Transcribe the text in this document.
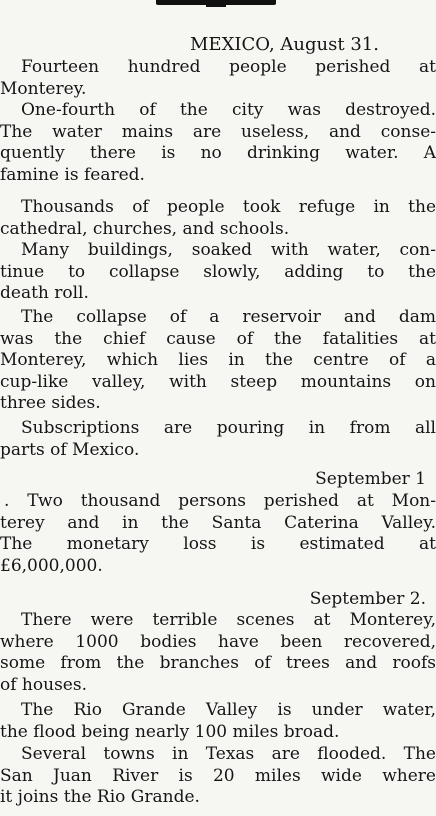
MEXICO, August 31.
Fourteen hundred people perished at
Monterey.
One-fourth of the city was destroyed.
The water mains are useless, and conse-
quently there is no drinking water. A
famine is feared.
Thousands of people took refuge in the
cathedral, churches, and schools.
Many buildings, soaked with water, con-
tinue to collapse slowly, adding to the
death roll.
The collapse of a reservoir and dam
was the chief cause of the fatalities at
Monterey, which lies in the centre of a
cup-like valley, with steep mountains on
three sides.
Subscriptions are pouring in from all
parts of Mexico.
September 1
. Two thousand persons perished at Mon-
terey and in the Santa Caterina Valley.
The monetary loss is estimated at
£6,000,000.
September 2.
There were terrible scenes at Monterey,
where 1000 bodies have been recovered,
some from the branches of trees and roofs
of houses.
The Rio Grande Valley is under water,
the flood being nearly 100 miles broad.
Several towns in Texas are flooded. The
San Juan River is 20 miles wide where
it joins the Rio Grande.
